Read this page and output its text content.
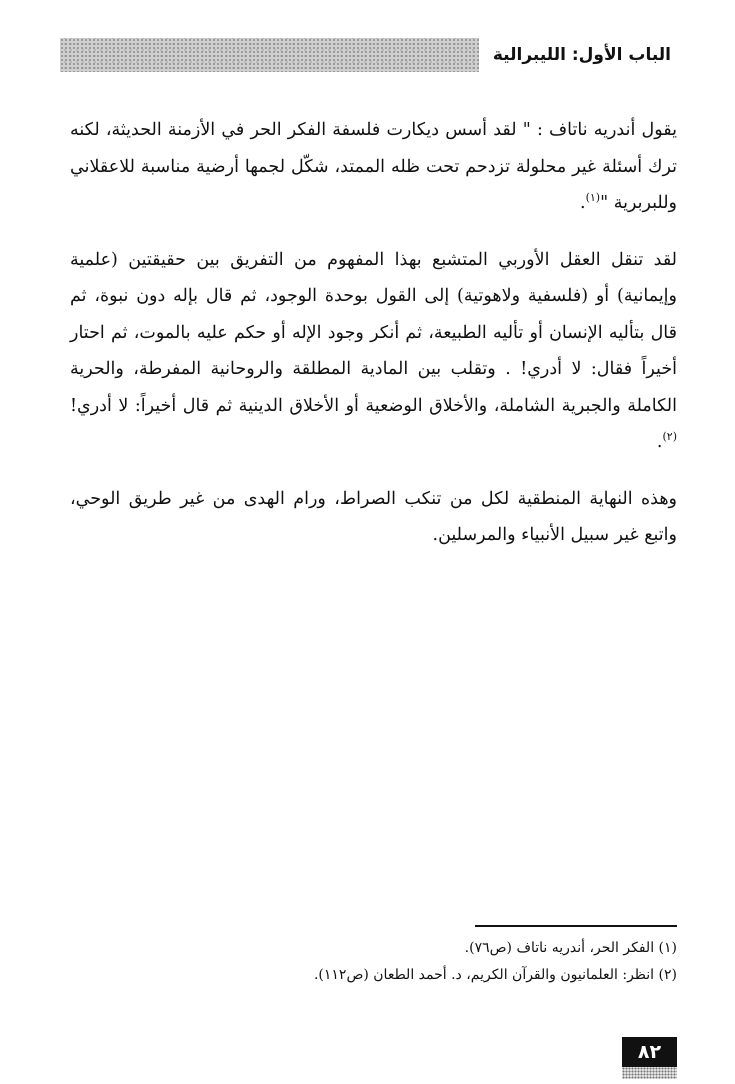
الباب الأول: الليبرالية

يقول أندريه ناتاف : " لقد أسس ديكارت فلسفة الفكر الحر في الأزمنة الحديثة، لكنه ترك أسئلة غير محلولة تزدحم تحت ظله الممتد، شكّل لجمها أرضية مناسبة للاعقلاني وللبربرية "$^{(١)}$.

لقد تنقل العقل الأوربي المتشبع بهذا المفهوم من التفريق بين حقيقتين (علمية وإيمانية) أو (فلسفية ولاهوتية) إلى القول بوحدة الوجود، ثم قال بإله دون نبوة، ثم قال بتأليه الإنسان أو تأليه الطبيعة، ثم أنكر وجود الإله أو حكم عليه بالموت، ثم احتار أخيراً فقال: لا أدري! . وتقلب بين المادية المطلقة والروحانية المفرطة، والحرية الكاملة والجبرية الشاملة، والأخلاق الوضعية أو الأخلاق الدينية ثم قال أخيراً: لا أدري!$^{(٢)}$.

وهذه النهاية المنطقية لكل من تنكب الصراط، ورام الهدى من غير طريق الوحي، واتبع غير سبيل الأنبياء والمرسلين.

(١) الفكر الحر، أندريه ناتاف (ص٧٦).

(٢) انظر: العلمانيون والقرآن الكريم، د. أحمد الطعان (ص١١٢).

٨٢
